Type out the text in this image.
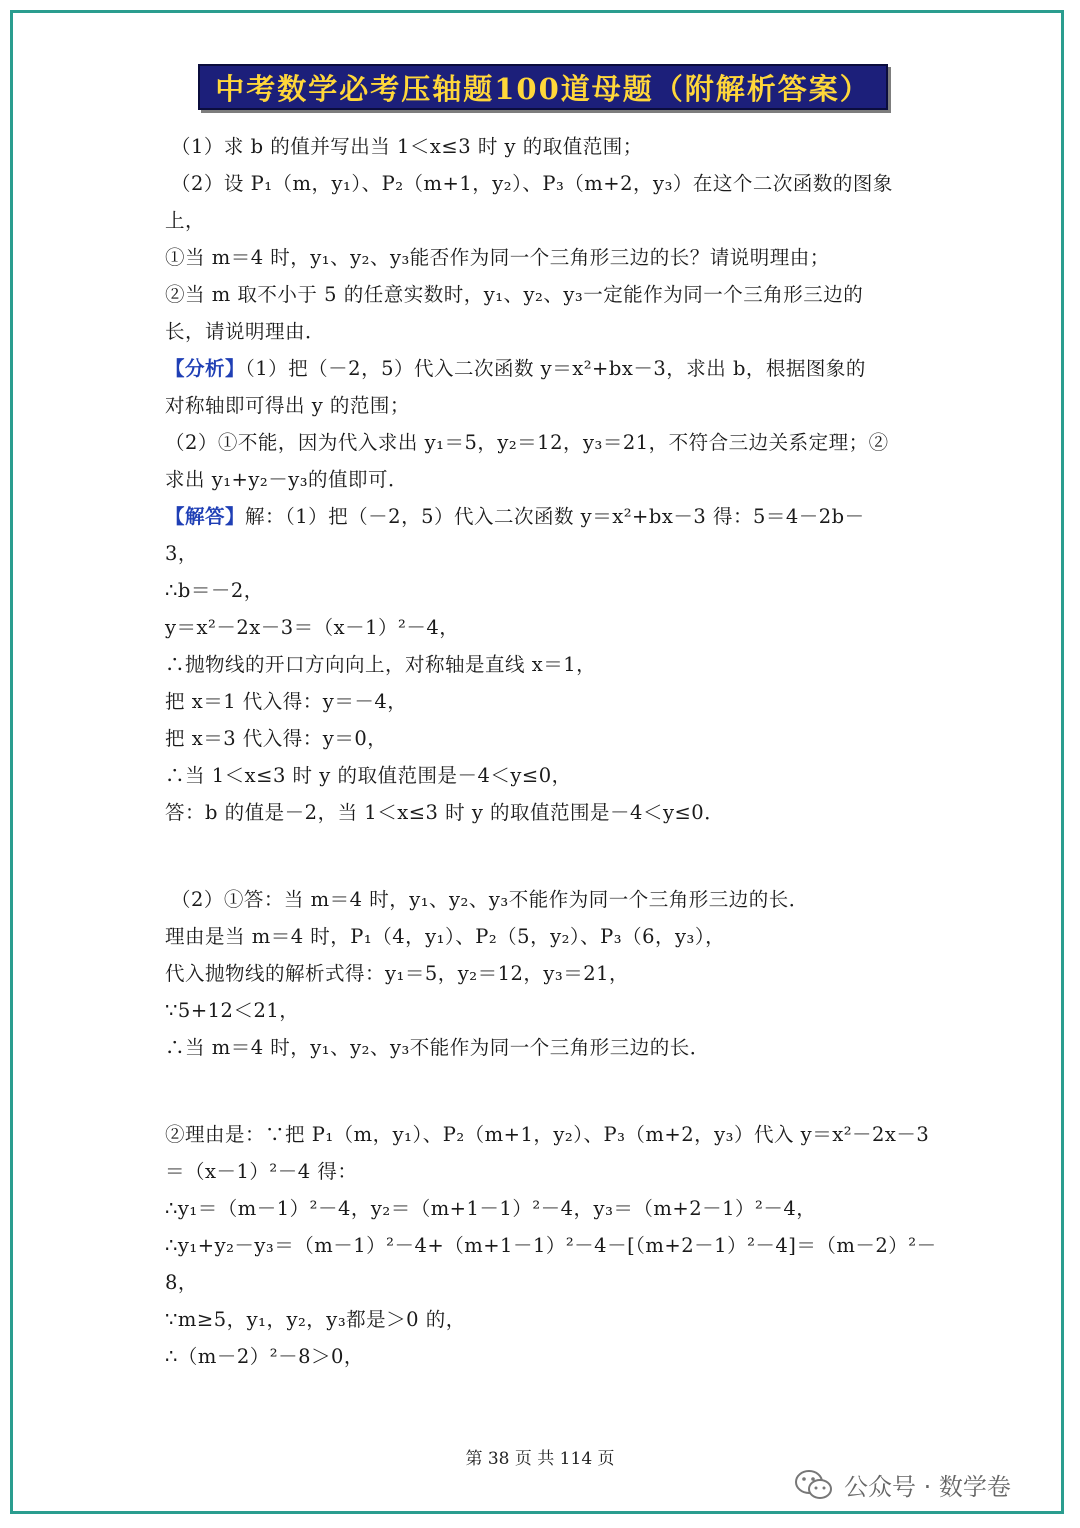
中考数学必考压轴题100道母题（附解析答案）
（1）求 b 的值并写出当 1＜x≤3 时 y 的取值范围；
（2）设 P₁（m，y₁）、P₂（m+1，y₂）、P₃（m+2，y₃）在这个二次函数的图象
上，
①当 m＝4 时，y₁、y₂、y₃能否作为同一个三角形三边的长？请说明理由；
②当 m 取不小于 5 的任意实数时，y₁、y₂、y₃一定能作为同一个三角形三边的
长，请说明理由．
【分析】（1）把（－2，5）代入二次函数 y＝x²+bx－3，求出 b，根据图象的
对称轴即可得出 y 的范围；
（2）①不能，因为代入求出 y₁＝5，y₂＝12，y₃＝21，不符合三边关系定理；②
求出 y₁+y₂－y₃的值即可．
【解答】解：（1）把（－2，5）代入二次函数 y＝x²+bx－3 得：5＝4－2b－
3，
∴b＝－2，
y＝x²－2x－3＝（x－1）²－4，
∴抛物线的开口方向向上，对称轴是直线 x＝1，
把 x＝1 代入得：y＝－4，
把 x＝3 代入得：y＝0，
∴当 1＜x≤3 时 y 的取值范围是－4＜y≤0，
答：b 的值是－2，当 1＜x≤3 时 y 的取值范围是－4＜y≤0．
（2）①答：当 m＝4 时，y₁、y₂、y₃不能作为同一个三角形三边的长．
理由是当 m＝4 时，P₁（4，y₁）、P₂（5，y₂）、P₃（6，y₃），
代入抛物线的解析式得：y₁＝5，y₂＝12，y₃＝21，
∵5+12＜21，
∴当 m＝4 时，y₁、y₂、y₃不能作为同一个三角形三边的长．
②理由是：∵把 P₁（m，y₁）、P₂（m+1，y₂）、P₃（m+2，y₃）代入 y＝x²－2x－3
＝（x－1）²－4 得：
∴y₁＝（m－1）²－4，y₂＝（m+1－1）²－4，y₃＝（m+2－1）²－4，
∴y₁+y₂－y₃＝（m－1）²－4+（m+1－1）²－4－[（m+2－1）²－4]＝（m－2）²－
8，
∵m≥5，y₁，y₂，y₃都是＞0 的，
∴（m－2）²－8＞0，
第 38 页 共 114 页
公众号 · 数学卷
